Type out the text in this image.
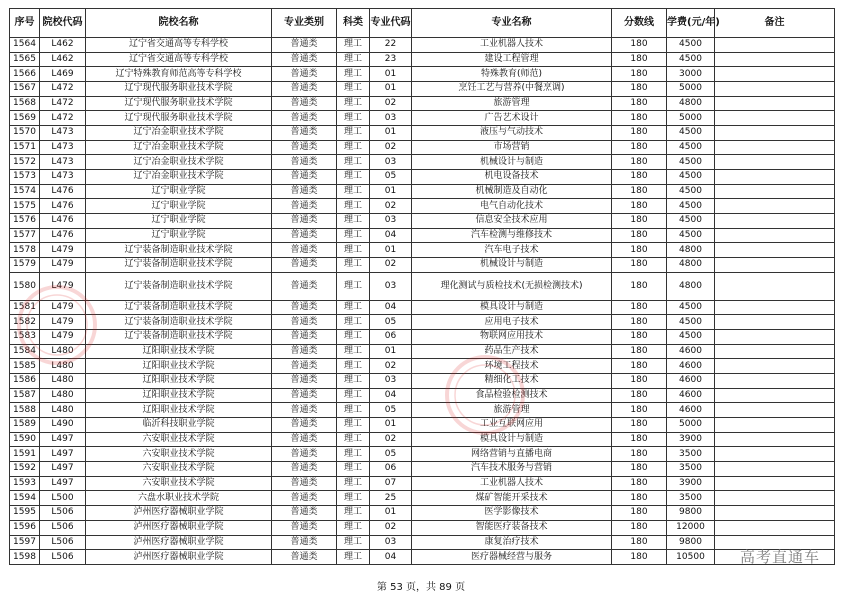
序号	院校代码	院校名称	专业类别	科类	专业代码	专业名称	分数线	学费(元/年)	备注
1564	L462	辽宁省交通高等专科学校	普通类	理工	22	工业机器人技术	180	4500	
1565	L462	辽宁省交通高等专科学校	普通类	理工	23	建设工程管理	180	4500	
1566	L469	辽宁特殊教育师范高等专科学校	普通类	理工	01	特殊教育(师范)	180	3000	
1567	L472	辽宁现代服务职业技术学院	普通类	理工	01	烹饪工艺与营养(中餐烹调)	180	5000	
1568	L472	辽宁现代服务职业技术学院	普通类	理工	02	旅游管理	180	4800	
1569	L472	辽宁现代服务职业技术学院	普通类	理工	03	广告艺术设计	180	5000	
1570	L473	辽宁冶金职业技术学院	普通类	理工	01	液压与气动技术	180	4500	
1571	L473	辽宁冶金职业技术学院	普通类	理工	02	市场营销	180	4500	
1572	L473	辽宁冶金职业技术学院	普通类	理工	03	机械设计与制造	180	4500	
1573	L473	辽宁冶金职业技术学院	普通类	理工	05	机电设备技术	180	4500	
1574	L476	辽宁职业学院	普通类	理工	01	机械制造及自动化	180	4500	
1575	L476	辽宁职业学院	普通类	理工	02	电气自动化技术	180	4500	
1576	L476	辽宁职业学院	普通类	理工	03	信息安全技术应用	180	4500	
1577	L476	辽宁职业学院	普通类	理工	04	汽车检测与维修技术	180	4500	
1578	L479	辽宁装备制造职业技术学院	普通类	理工	01	汽车电子技术	180	4800	
1579	L479	辽宁装备制造职业技术学院	普通类	理工	02	机械设计与制造	180	4800	
1580	L479	辽宁装备制造职业技术学院	普通类	理工	03	理化测试与质检技术(无损检测技术)	180	4800	
1581	L479	辽宁装备制造职业技术学院	普通类	理工	04	模具设计与制造	180	4500	
1582	L479	辽宁装备制造职业技术学院	普通类	理工	05	应用电子技术	180	4500	
1583	L479	辽宁装备制造职业技术学院	普通类	理工	06	物联网应用技术	180	4500	
1584	L480	辽阳职业技术学院	普通类	理工	01	药品生产技术	180	4600	
1585	L480	辽阳职业技术学院	普通类	理工	02	环境工程技术	180	4600	
1586	L480	辽阳职业技术学院	普通类	理工	03	精细化工技术	180	4600	
1587	L480	辽阳职业技术学院	普通类	理工	04	食品检验检测技术	180	4600	
1588	L480	辽阳职业技术学院	普通类	理工	05	旅游管理	180	4600	
1589	L490	临沂科技职业学院	普通类	理工	01	工业互联网应用	180	5000	
1590	L497	六安职业技术学院	普通类	理工	02	模具设计与制造	180	3900	
1591	L497	六安职业技术学院	普通类	理工	05	网络营销与直播电商	180	3500	
1592	L497	六安职业技术学院	普通类	理工	06	汽车技术服务与营销	180	3500	
1593	L497	六安职业技术学院	普通类	理工	07	工业机器人技术	180	3900	
1594	L500	六盘水职业技术学院	普通类	理工	25	煤矿智能开采技术	180	3500	
1595	L506	泸州医疗器械职业学院	普通类	理工	01	医学影像技术	180	9800	
1596	L506	泸州医疗器械职业学院	普通类	理工	02	智能医疗装备技术	180	12000	
1597	L506	泸州医疗器械职业学院	普通类	理工	03	康复治疗技术	180	9800	
1598	L506	泸州医疗器械职业学院	普通类	理工	04	医疗器械经营与服务	180	10500	
第 53 页，共 89 页
高考直通车
